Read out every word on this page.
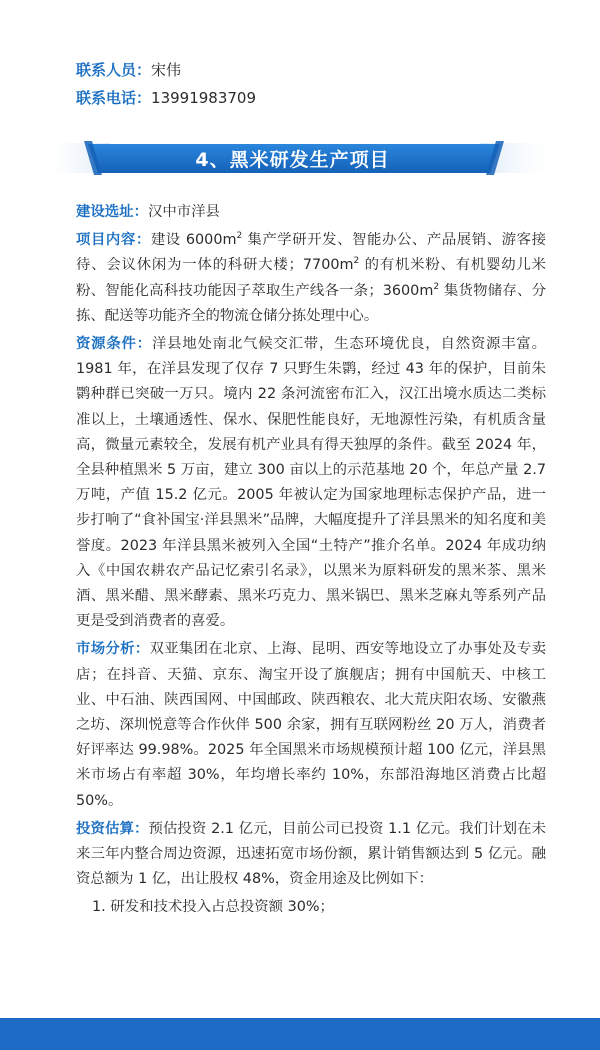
联系人员：宋伟
联系电话：13991983709
4、黑米研发生产项目

建设选址：汉中市洋县

项目内容：建设 $6000m^2$ 集产学研开发、智能办公、产品展销、游客接待、会议休闲为一体的科研大楼；$7700m^2$ 的有机米粉、有机婴幼儿米粉、智能化高科技功能因子萃取生产线各一条；$3600m^2$ 集货物储存、分拣、配送等功能齐全的物流仓储分拣处理中心。

资源条件：洋县地处南北气候交汇带，生态环境优良，自然资源丰富。1981 年，在洋县发现了仅存 7 只野生朱鹮，经过 43 年的保护，目前朱鹮种群已突破一万只。境内 22 条河流密布汇入，汉江出境水质达二类标准以上，土壤通透性、保水、保肥性能良好，无地源性污染，有机质含量高，微量元素较全，发展有机产业具有得天独厚的条件。截至 2024 年，全县种植黑米 5 万亩，建立 300 亩以上的示范基地 20 个，年总产量 2.7 万吨，产值 15.2 亿元。2005 年被认定为国家地理标志保护产品，进一步打响了“食补国宝·洋县黑米”品牌，大幅度提升了洋县黑米的知名度和美誉度。2023 年洋县黑米被列入全国“土特产”推介名单。2024 年成功纳入《中国农耕农产品记忆索引名录》，以黑米为原料研发的黑米茶、黑米酒、黑米醋、黑米酵素、黑米巧克力、黑米锅巴、黑米芝麻丸等系列产品更是受到消费者的喜爱。

市场分析：双亚集团在北京、上海、昆明、西安等地设立了办事处及专卖店；在抖音、天猫、京东、淘宝开设了旗舰店；拥有中国航天、中核工业、中石油、陕西国网、中国邮政、陕西粮农、北大荒庆阳农场、安徽燕之坊、深圳悦意等合作伙伴 500 余家，拥有互联网粉丝 20 万人，消费者好评率达 99.98%。2025 年全国黑米市场规模预计超 100 亿元，洋县黑米市场占有率超 30%，年均增长率约 10%，东部沿海地区消费占比超 50%。

投资估算：预估投资 2.1 亿元，目前公司已投资 1.1 亿元。我们计划在未来三年内整合周边资源，迅速拓宽市场份额，累计销售额达到 5 亿元。融资总额为 1 亿，出让股权 48%，资金用途及比例如下：

1. 研发和技术投入占总投资额 30%；
